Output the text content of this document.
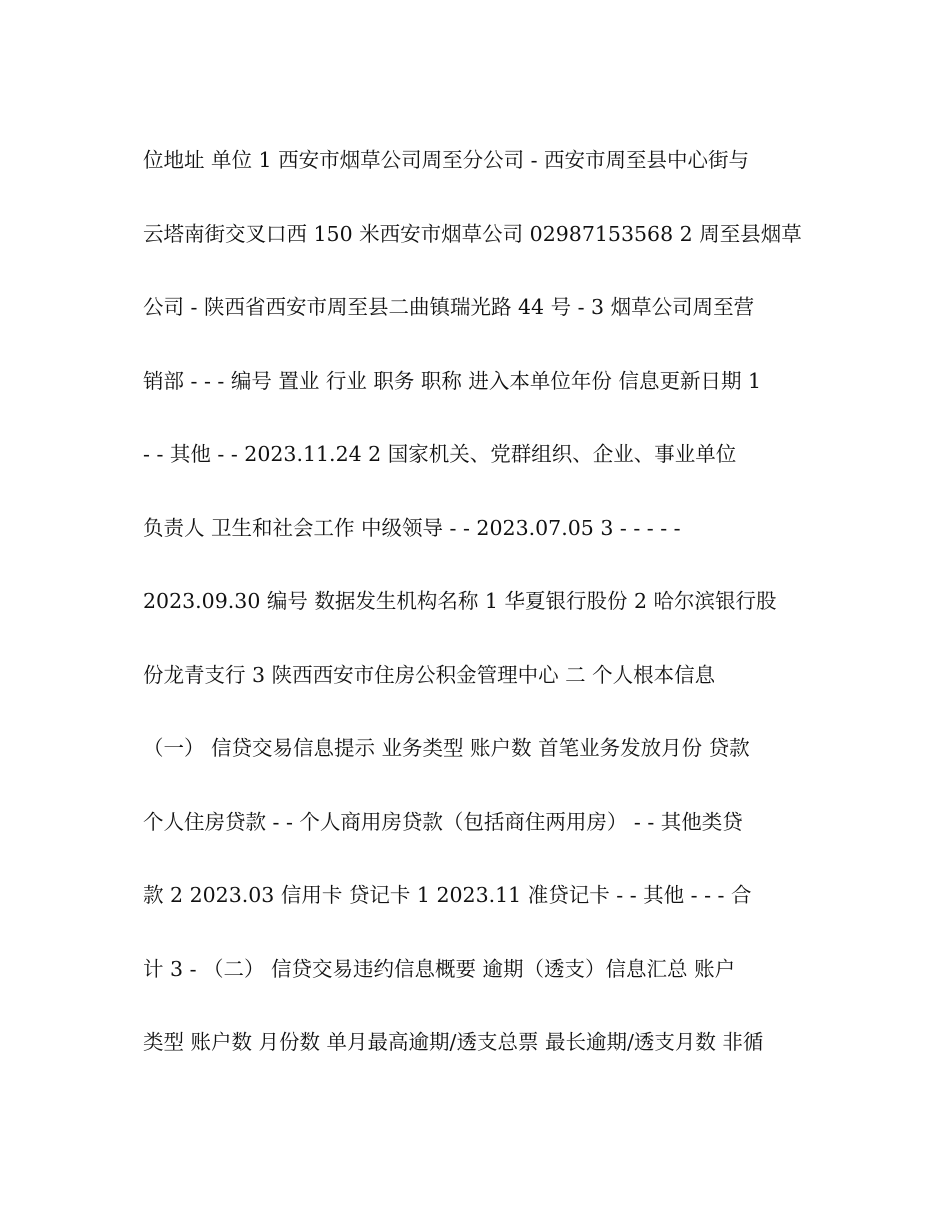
位地址 单位 1 西安市烟草公司周至分公司 - 西安市周至县中心街与
云塔南街交叉口西 150 米西安市烟草公司 02987153568 2 周至县烟草
公司 - 陕西省西安市周至县二曲镇瑞光路 44 号 - 3 烟草公司周至营
销部 - - - 编号 置业 行业 职务 职称 进入本单位年份 信息更新日期 1
- - 其他 - - 2023.11.24 2 国家机关、党群组织、企业、事业单位
负责人 卫生和社会工作 中级领导 - - 2023.07.05 3 - - - - -
2023.09.30 编号 数据发生机构名称 1 华夏银行股份 2 哈尔滨银行股
份龙青支行 3 陕西西安市住房公积金管理中心 二 个人根本信息
（一） 信贷交易信息提示 业务类型 账户数 首笔业务发放月份 贷款
个人住房贷款 - - 个人商用房贷款（包括商住两用房） - - 其他类贷
款 2 2023.03 信用卡 贷记卡 1 2023.11 准贷记卡 - - 其他 - - - 合
计 3 - （二） 信贷交易违约信息概要 逾期（透支）信息汇总 账户
类型 账户数 月份数 单月最高逾期/透支总票 最长逾期/透支月数 非循
